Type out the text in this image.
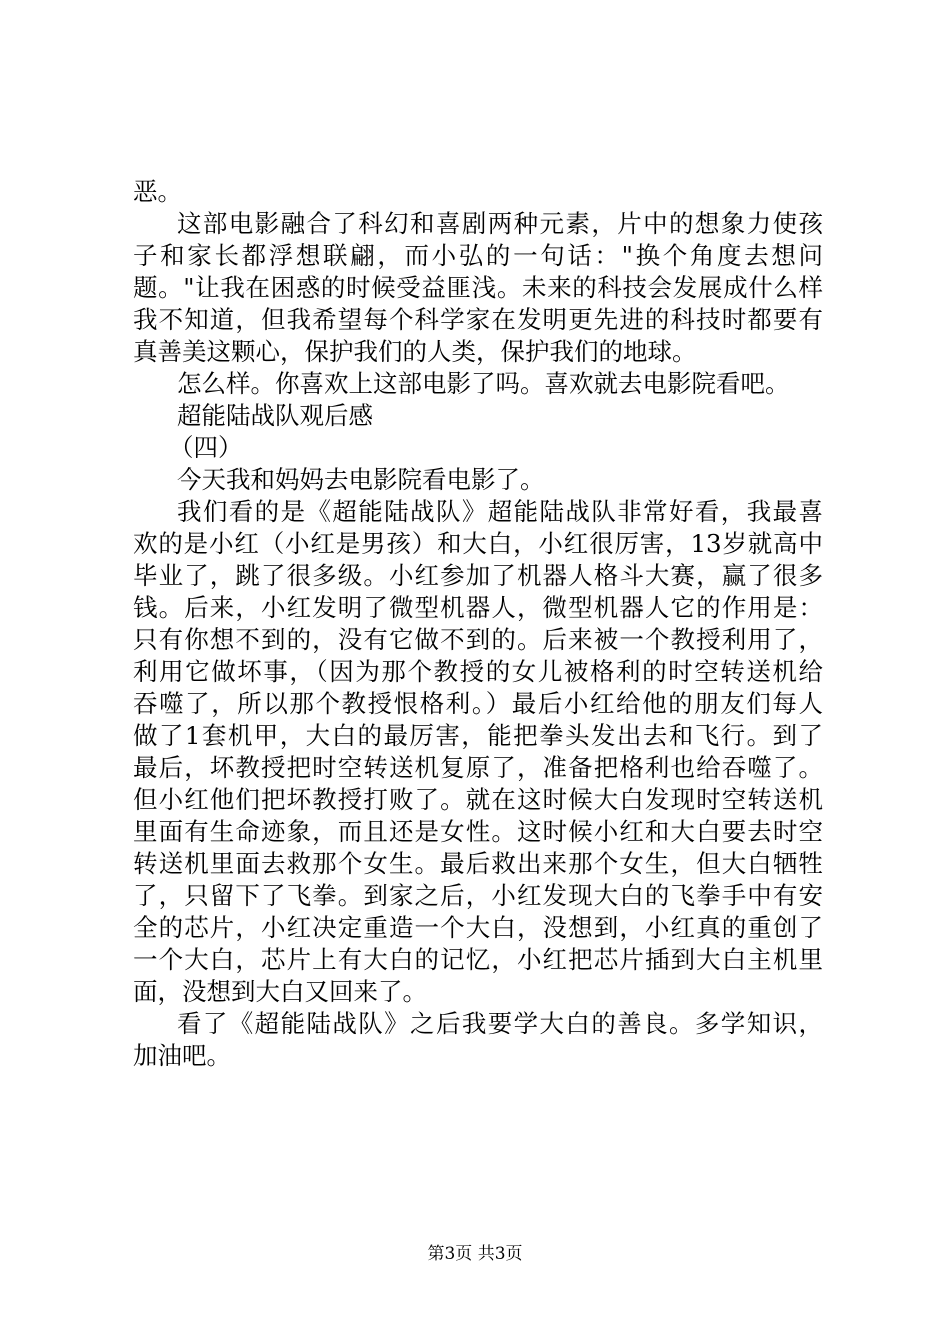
恶。
这部电影融合了科幻和喜剧两种元素，片中的想象力使孩
子和家长都浮想联翩，而小弘的一句话："换个角度去想问
题。"让我在困惑的时候受益匪浅。未来的科技会发展成什么样
我不知道，但我希望每个科学家在发明更先进的科技时都要有
真善美这颗心，保护我们的人类，保护我们的地球。
怎么样。你喜欢上这部电影了吗。喜欢就去电影院看吧。
超能陆战队观后感
（四）
今天我和妈妈去电影院看电影了。
我们看的是《超能陆战队》超能陆战队非常好看，我最喜
欢的是小红（小红是男孩）和大白，小红很厉害，13岁就高中
毕业了，跳了很多级。小红参加了机器人格斗大赛，赢了很多
钱。后来，小红发明了微型机器人，微型机器人它的作用是：
只有你想不到的，没有它做不到的。后来被一个教授利用了，
利用它做坏事，（因为那个教授的女儿被格利的时空转送机给
吞噬了，所以那个教授恨格利。）最后小红给他的朋友们每人
做了1套机甲，大白的最厉害，能把拳头发出去和飞行。到了
最后，坏教授把时空转送机复原了，准备把格利也给吞噬了。
但小红他们把坏教授打败了。就在这时候大白发现时空转送机
里面有生命迹象，而且还是女性。这时候小红和大白要去时空
转送机里面去救那个女生。最后救出来那个女生，但大白牺牲
了，只留下了飞拳。到家之后，小红发现大白的飞拳手中有安
全的芯片，小红决定重造一个大白，没想到，小红真的重创了
一个大白，芯片上有大白的记忆，小红把芯片插到大白主机里
面，没想到大白又回来了。
看了《超能陆战队》之后我要学大白的善良。多学知识，
加油吧。
第3页 共3页
